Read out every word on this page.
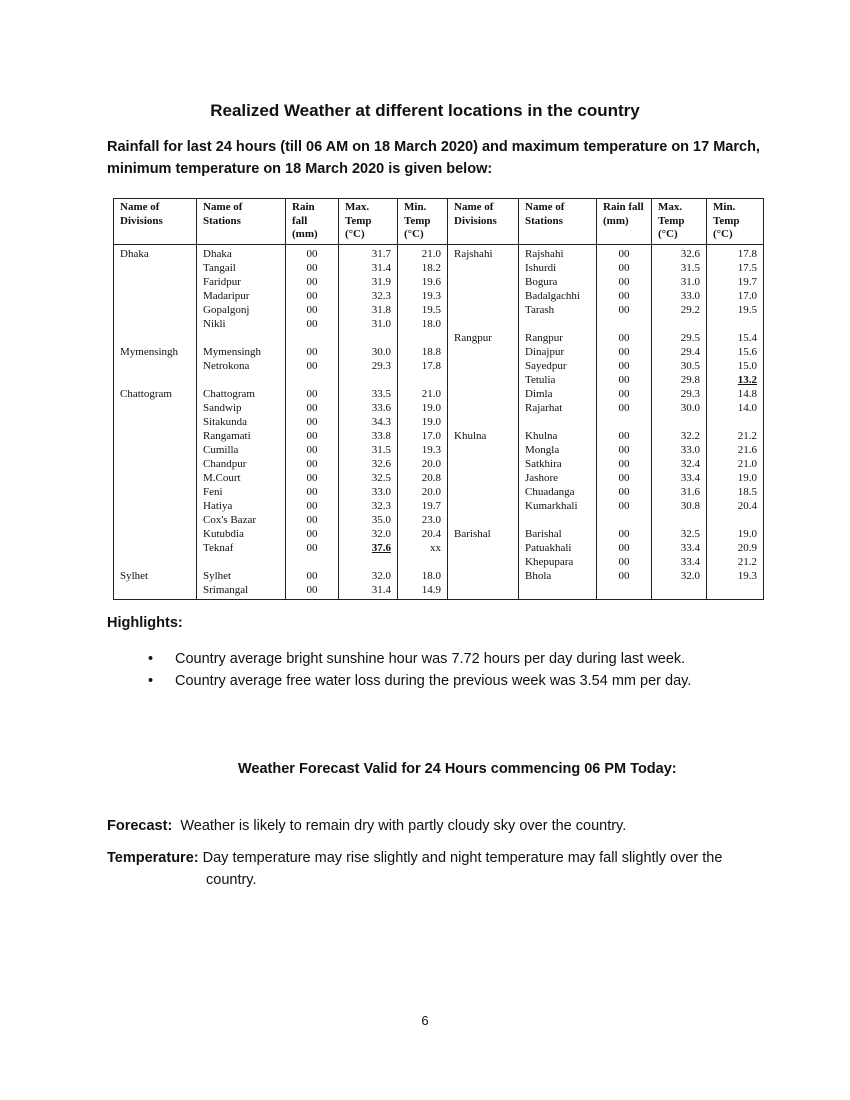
Realized Weather at different locations in the country
Rainfall for last 24 hours (till 06 AM on 18 March 2020) and maximum temperature on 17 March, minimum temperature on 18 March 2020 is given below:
Name of Divisions	Name of Stations	Rain fall (mm)	Max. Temp (°C)	Min. Temp (°C)	Name of Divisions	Name of Stations	Rain fall (mm)	Max. Temp (°C)	Min. Temp (°C)
Dhaka	Dhaka	00	31.7	21.0	Rajshahi	Rajshahi	00	32.6	17.8
	Tangail	00	31.4	18.2		Ishurdi	00	31.5	17.5
	Faridpur	00	31.9	19.6		Bogura	00	31.0	19.7
	Madaripur	00	32.3	19.3		Badalgachhi	00	33.0	17.0
	Gopalgonj	00	31.8	19.5		Tarash	00	29.2	19.5
	Nikli	00	31.0	18.0					
					Rangpur	Rangpur	00	29.5	15.4
Mymensingh	Mymensingh	00	30.0	18.8		Dinajpur	00	29.4	15.6
	Netrokona	00	29.3	17.8		Sayedpur	00	30.5	15.0
						Tetulia	00	29.8	13.2
Chattogram	Chattogram	00	33.5	21.0		Dimla	00	29.3	14.8
	Sandwip	00	33.6	19.0		Rajarhat	00	30.0	14.0
	Sitakunda	00	34.3	19.0					
	Rangamati	00	33.8	17.0	Khulna	Khulna	00	32.2	21.2
	Cumilla	00	31.5	19.3		Mongla	00	33.0	21.6
	Chandpur	00	32.6	20.0		Satkhira	00	32.4	21.0
	M.Court	00	32.5	20.8		Jashore	00	33.4	19.0
	Feni	00	33.0	20.0		Chuadanga	00	31.6	18.5
	Hatiya	00	32.3	19.7		Kumarkhali	00	30.8	20.4
	Cox's Bazar	00	35.0	23.0					
	Kutubdia	00	32.0	20.4	Barishal	Barishal	00	32.5	19.0
	Teknaf	00	37.6	xx		Patuakhali	00	33.4	20.9
						Khepupara	00	33.4	21.2
Sylhet	Sylhet	00	32.0	18.0		Bhola	00	32.0	19.3
	Srimangal	00	31.4	14.9					
Highlights:
• Country average bright sunshine hour was 7.72 hours per day during last week.
• Country average free water loss during the previous week was 3.54 mm per day.
Weather Forecast Valid for 24 Hours commencing 06 PM Today:
Forecast: Weather is likely to remain dry with partly cloudy sky over the country.
Temperature: Day temperature may rise slightly and night temperature may fall slightly over the
country.
6
